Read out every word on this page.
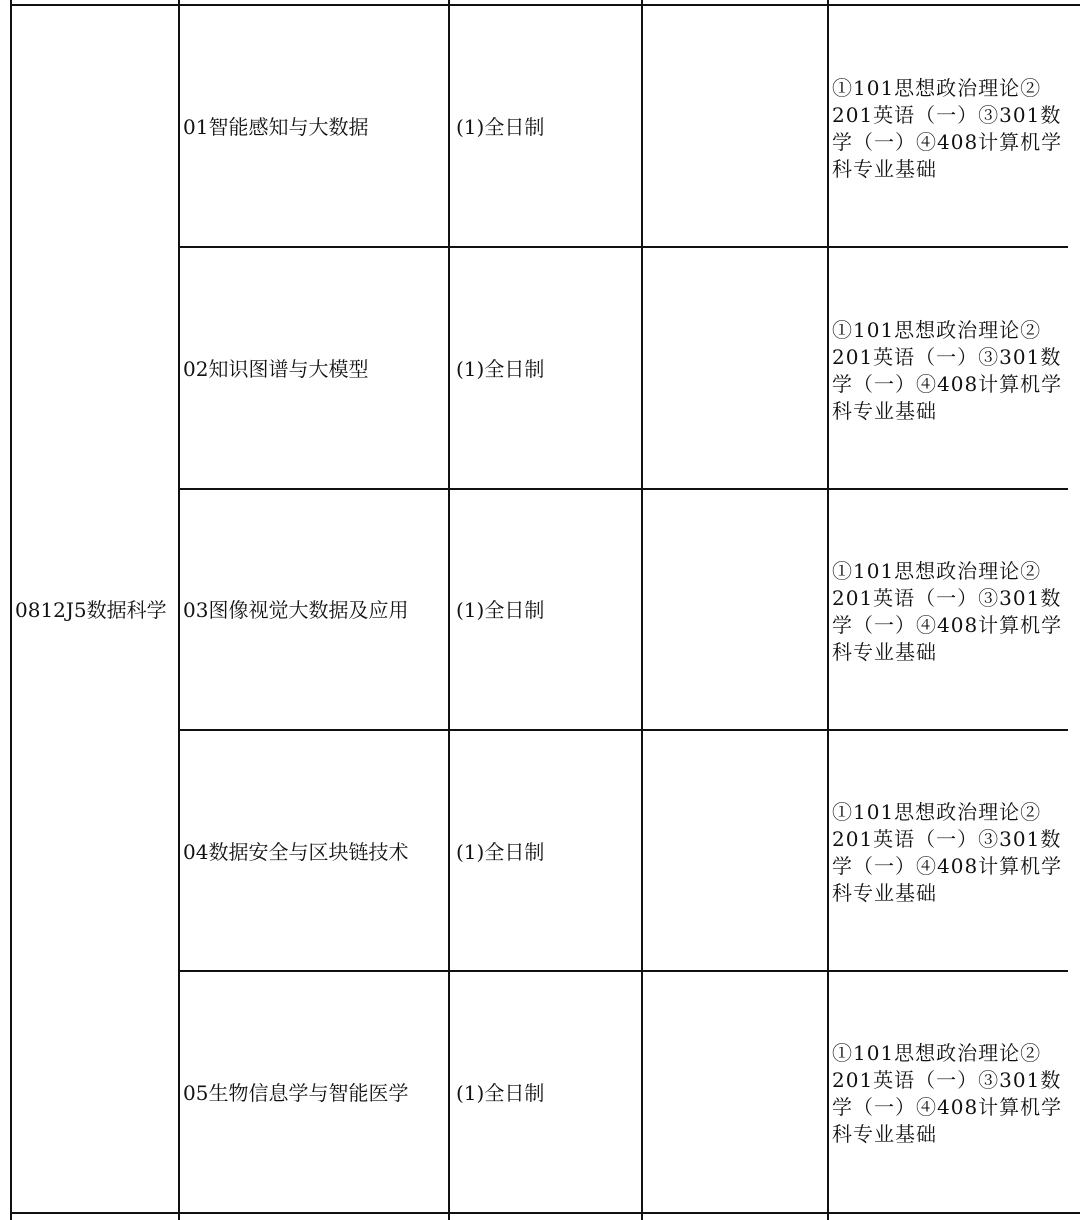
0812J5数据科学
01智能感知与大数据	(1)全日制
①101思想政治理论②
201英语（一）③301数
学（一）④408计算机学
科专业基础
02知识图谱与大模型	(1)全日制
①101思想政治理论②
201英语（一）③301数
学（一）④408计算机学
科专业基础
03图像视觉大数据及应用 (1)全日制
①101思想政治理论②
201英语（一）③301数
学（一）④408计算机学
科专业基础
04数据安全与区块链技术 (1)全日制
①101思想政治理论②
201英语（一）③301数
学（一）④408计算机学
科专业基础
05生物信息学与智能医学 (1)全日制
①101思想政治理论②
201英语（一）③301数
学（一）④408计算机学
科专业基础
